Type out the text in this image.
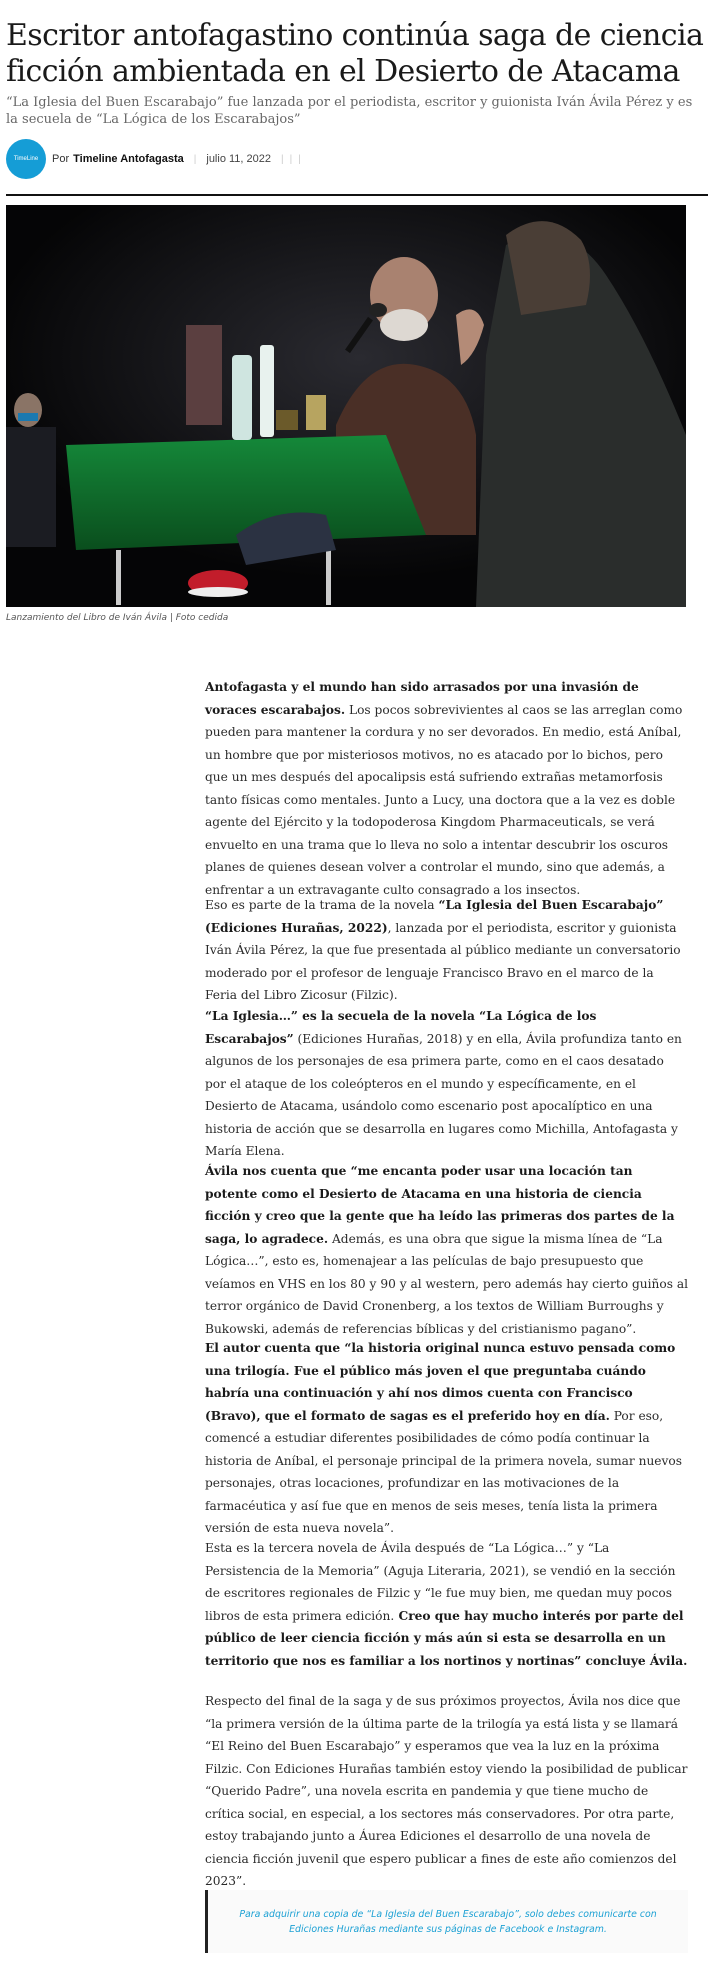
Escritor antofagastino continúa saga de ciencia ficción ambientada en el Desierto de Atacama

“La Iglesia del Buen Escarabajo” fue lanzada por el periodista, escritor y guionista Iván Ávila Pérez y es la secuela de “La Lógica de los Escarabajos”

TimeLine Por Timeline Antofagasta | julio 11, 2022 |||
Lanzamiento del Libro de Iván Ávila | Foto cedida

Antofagasta y el mundo han sido arrasados por una invasión de voraces escarabajos. Los pocos sobrevivientes al caos se las arreglan como pueden para mantener la cordura y no ser devorados. En medio, está Aníbal, un hombre que por misteriosos motivos, no es atacado por lo bichos, pero que un mes después del apocalipsis está sufriendo extrañas metamorfosis tanto físicas como mentales. Junto a Lucy, una doctora que a la vez es doble agente del Ejército y la todopoderosa Kingdom Pharmaceuticals, se verá envuelto en una trama que lo lleva no solo a intentar descubrir los oscuros planes de quienes desean volver a controlar el mundo, sino que además, a enfrentar a un extravagante culto consagrado a los insectos.

Eso es parte de la trama de la novela “La Iglesia del Buen Escarabajo” (Ediciones Hurañas, 2022), lanzada por el periodista, escritor y guionista Iván Ávila Pérez, la que fue presentada al público mediante un conversatorio moderado por el profesor de lenguaje Francisco Bravo en el marco de la Feria del Libro Zicosur (Filzic).

“La Iglesia…” es la secuela de la novela “La Lógica de los Escarabajos” (Ediciones Hurañas, 2018) y en ella, Ávila profundiza tanto en algunos de los personajes de esa primera parte, como en el caos desatado por el ataque de los coleópteros en el mundo y específicamente, en el Desierto de Atacama, usándolo como escenario post apocalíptico en una historia de acción que se desarrolla en lugares como Michilla, Antofagasta y María Elena.

Ávila nos cuenta que “me encanta poder usar una locación tan potente como el Desierto de Atacama en una historia de ciencia ficción y creo que la gente que ha leído las primeras dos partes de la saga, lo agradece. Además, es una obra que sigue la misma línea de “La Lógica…”, esto es, homenajear a las películas de bajo presupuesto que veíamos en VHS en los 80 y 90 y al western, pero además hay cierto guiños al terror orgánico de David Cronenberg, a los textos de William Burroughs y Bukowski, además de referencias bíblicas y del cristianismo pagano”.

El autor cuenta que “la historia original nunca estuvo pensada como una trilogía. Fue el público más joven el que preguntaba cuándo habría una continuación y ahí nos dimos cuenta con Francisco (Bravo), que el formato de sagas es el preferido hoy en día. Por eso, comencé a estudiar diferentes posibilidades de cómo podía continuar la historia de Aníbal, el personaje principal de la primera novela, sumar nuevos personajes, otras locaciones, profundizar en las motivaciones de la farmacéutica y así fue que en menos de seis meses, tenía lista la primera versión de esta nueva novela”.

Esta es la tercera novela de Ávila después de “La Lógica…” y “La Persistencia de la Memoria” (Aguja Literaria, 2021), se vendió en la sección de escritores regionales de Filzic y “le fue muy bien, me quedan muy pocos libros de esta primera edición. Creo que hay mucho interés por parte del público de leer ciencia ficción y más aún si esta se desarrolla en un territorio que nos es familiar a los nortinos y nortinas” concluye Ávila.

Respecto del final de la saga y de sus próximos proyectos, Ávila nos dice que “la primera versión de la última parte de la trilogía ya está lista y se llamará “El Reino del Buen Escarabajo” y esperamos que vea la luz en la próxima Filzic. Con Ediciones Hurañas también estoy viendo la posibilidad de publicar “Querido Padre”, una novela escrita en pandemia y que tiene mucho de crítica social, en especial, a los sectores más conservadores. Por otra parte, estoy trabajando junto a Áurea Ediciones el desarrollo de una novela de ciencia ficción juvenil que espero publicar a fines de este año comienzos del 2023”.

Para adquirir una copia de “La Iglesia del Buen Escarabajo”, solo debes comunicarte con Ediciones Hurañas mediante sus páginas de Facebook e Instagram.
